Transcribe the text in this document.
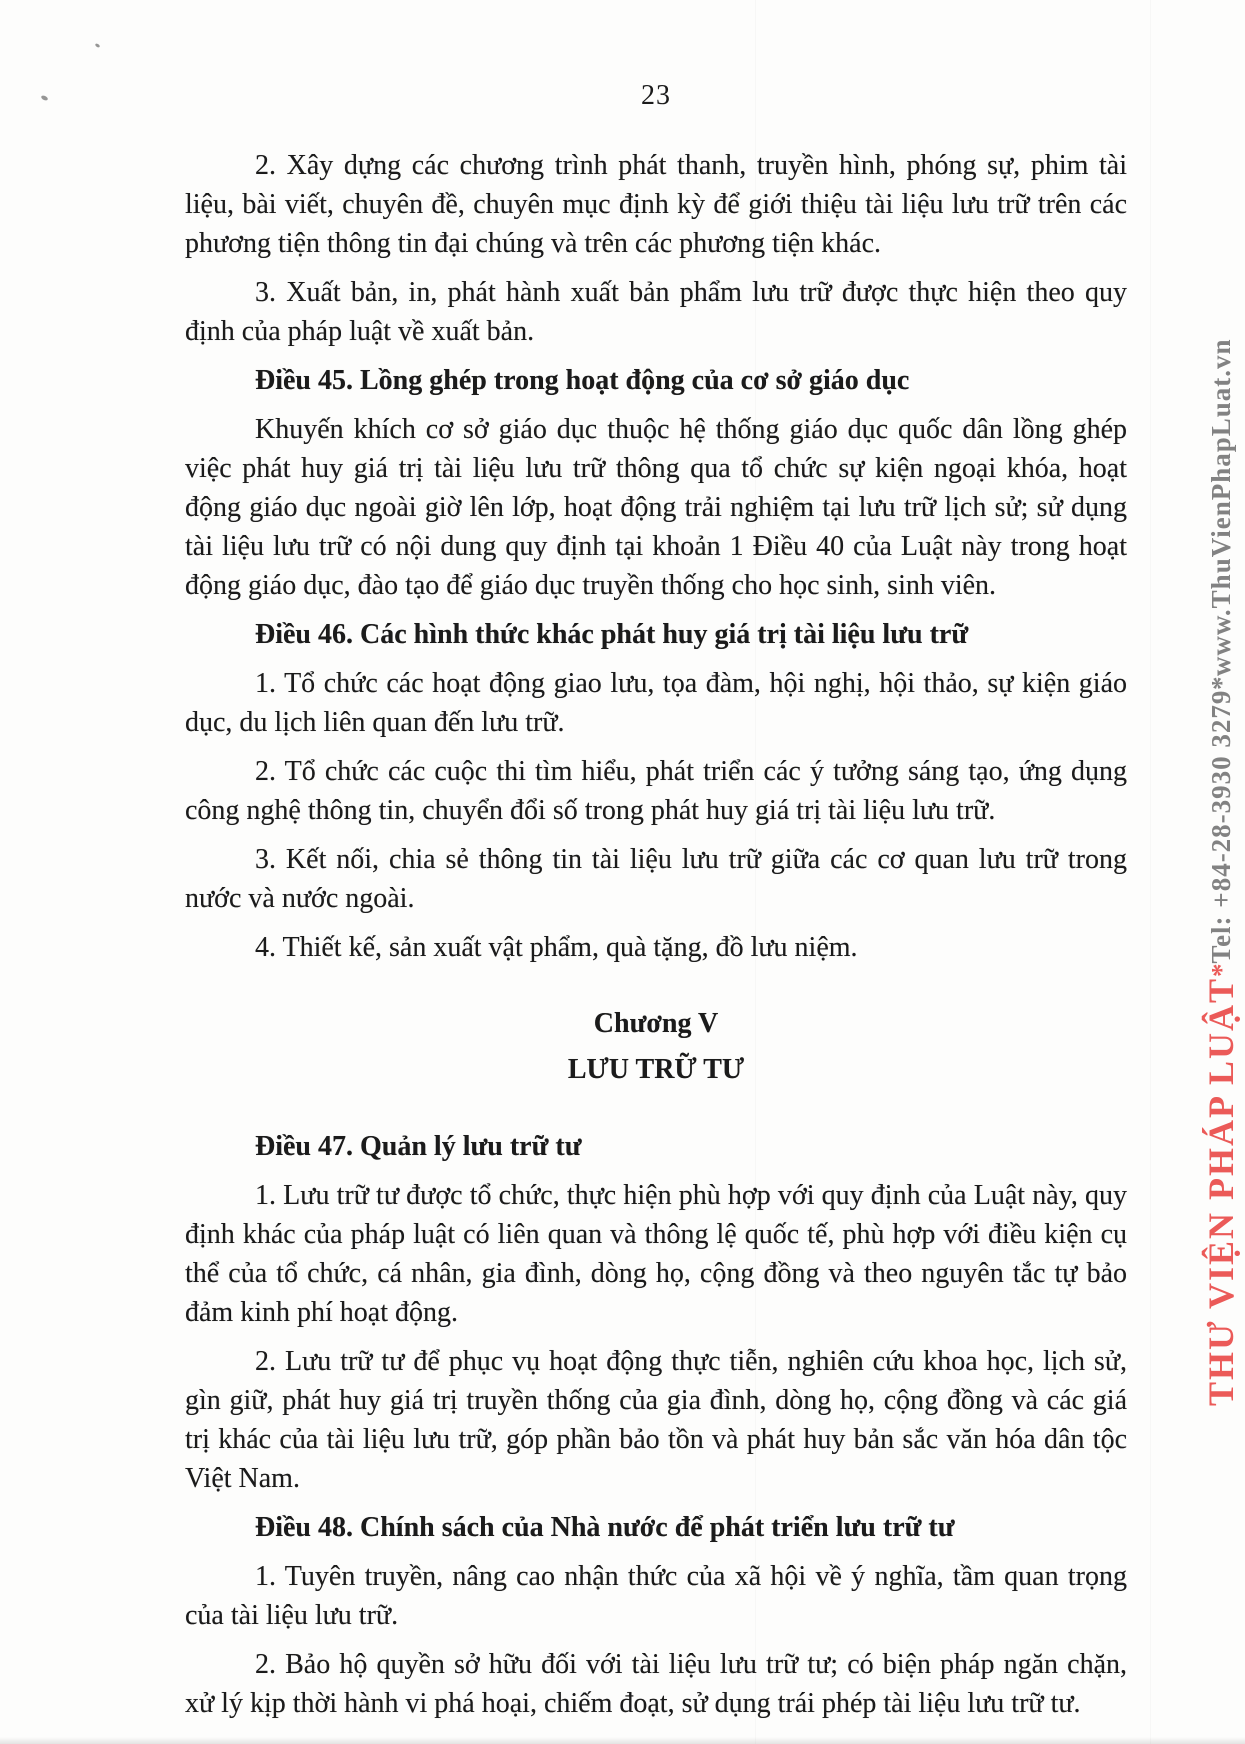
23
2. Xây dựng các chương trình phát thanh, truyền hình, phóng sự, phim tài liệu, bài viết, chuyên đề, chuyên mục định kỳ để giới thiệu tài liệu lưu trữ trên các phương tiện thông tin đại chúng và trên các phương tiện khác.
3. Xuất bản, in, phát hành xuất bản phẩm lưu trữ được thực hiện theo quy định của pháp luật về xuất bản.
Điều 45. Lồng ghép trong hoạt động của cơ sở giáo dục
Khuyến khích cơ sở giáo dục thuộc hệ thống giáo dục quốc dân lồng ghép việc phát huy giá trị tài liệu lưu trữ thông qua tổ chức sự kiện ngoại khóa, hoạt động giáo dục ngoài giờ lên lớp, hoạt động trải nghiệm tại lưu trữ lịch sử; sử dụng tài liệu lưu trữ có nội dung quy định tại khoản 1 Điều 40 của Luật này trong hoạt động giáo dục, đào tạo để giáo dục truyền thống cho học sinh, sinh viên.
Điều 46. Các hình thức khác phát huy giá trị tài liệu lưu trữ
1. Tổ chức các hoạt động giao lưu, tọa đàm, hội nghị, hội thảo, sự kiện giáo dục, du lịch liên quan đến lưu trữ.
2. Tổ chức các cuộc thi tìm hiểu, phát triển các ý tưởng sáng tạo, ứng dụng công nghệ thông tin, chuyển đổi số trong phát huy giá trị tài liệu lưu trữ.
3. Kết nối, chia sẻ thông tin tài liệu lưu trữ giữa các cơ quan lưu trữ trong nước và nước ngoài.
4. Thiết kế, sản xuất vật phẩm, quà tặng, đồ lưu niệm.
Chương V
LƯU TRỮ TƯ
Điều 47. Quản lý lưu trữ tư
1. Lưu trữ tư được tổ chức, thực hiện phù hợp với quy định của Luật này, quy định khác của pháp luật có liên quan và thông lệ quốc tế, phù hợp với điều kiện cụ thể của tổ chức, cá nhân, gia đình, dòng họ, cộng đồng và theo nguyên tắc tự bảo đảm kinh phí hoạt động.
2. Lưu trữ tư để phục vụ hoạt động thực tiễn, nghiên cứu khoa học, lịch sử, gìn giữ, phát huy giá trị truyền thống của gia đình, dòng họ, cộng đồng và các giá trị khác của tài liệu lưu trữ, góp phần bảo tồn và phát huy bản sắc văn hóa dân tộc Việt Nam.
Điều 48. Chính sách của Nhà nước để phát triển lưu trữ tư
1. Tuyên truyền, nâng cao nhận thức của xã hội về ý nghĩa, tầm quan trọng của tài liệu lưu trữ.
2. Bảo hộ quyền sở hữu đối với tài liệu lưu trữ tư; có biện pháp ngăn chặn, xử lý kịp thời hành vi phá hoại, chiếm đoạt, sử dụng trái phép tài liệu lưu trữ tư.
THƯ VIỆN PHÁP LUẬT*Tel: +84-28-3930 3279*www.ThuVienPhapLuat.vn
